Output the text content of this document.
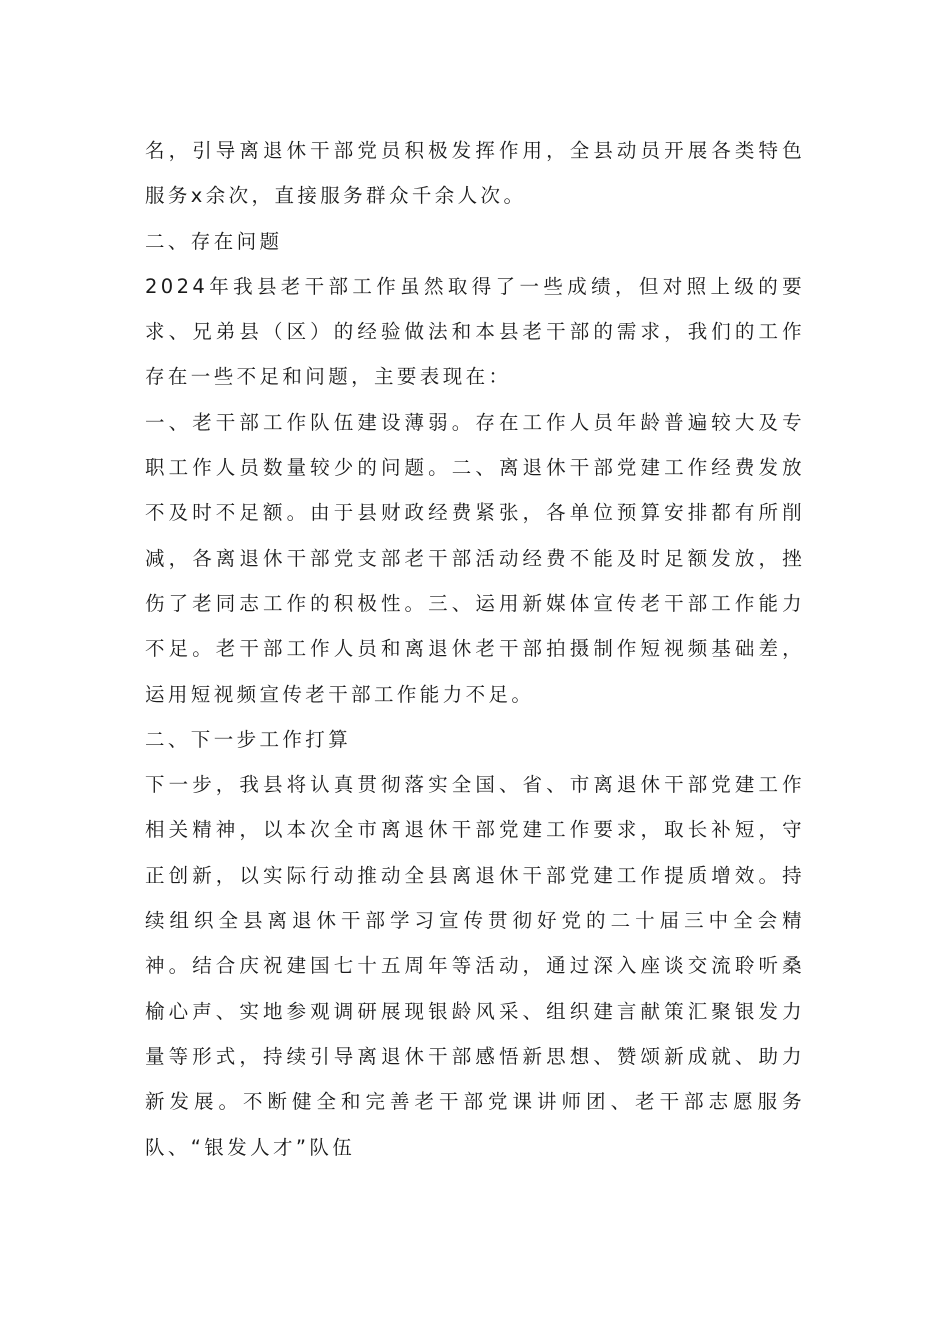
名，引导离退休干部党员积极发挥作用，全县动员开展各类特色服务x余次，直接服务群众千余人次。

二、存在问题

2024年我县老干部工作虽然取得了一些成绩，但对照上级的要求、兄弟县（区）的经验做法和本县老干部的需求，我们的工作存在一些不足和问题，主要表现在：

一、老干部工作队伍建设薄弱。存在工作人员年龄普遍较大及专职工作人员数量较少的问题。二、离退休干部党建工作经费发放不及时不足额。由于县财政经费紧张，各单位预算安排都有所削减，各离退休干部党支部老干部活动经费不能及时足额发放，挫伤了老同志工作的积极性。三、运用新媒体宣传老干部工作能力不足。老干部工作人员和离退休老干部拍摄制作短视频基础差，运用短视频宣传老干部工作能力不足。

二、下一步工作打算

下一步，我县将认真贯彻落实全国、省、市离退休干部党建工作相关精神，以本次全市离退休干部党建工作要求，取长补短，守正创新，以实际行动推动全县离退休干部党建工作提质增效。持续组织全县离退休干部学习宣传贯彻好党的二十届三中全会精神。结合庆祝建国七十五周年等活动，通过深入座谈交流聆听桑榆心声、实地参观调研展现银龄风采、组织建言献策汇聚银发力量等形式，持续引导离退休干部感悟新思想、赞颂新成就、助力新发展。不断健全和完善老干部党课讲师团、老干部志愿服务队、“银发人才”队伍
